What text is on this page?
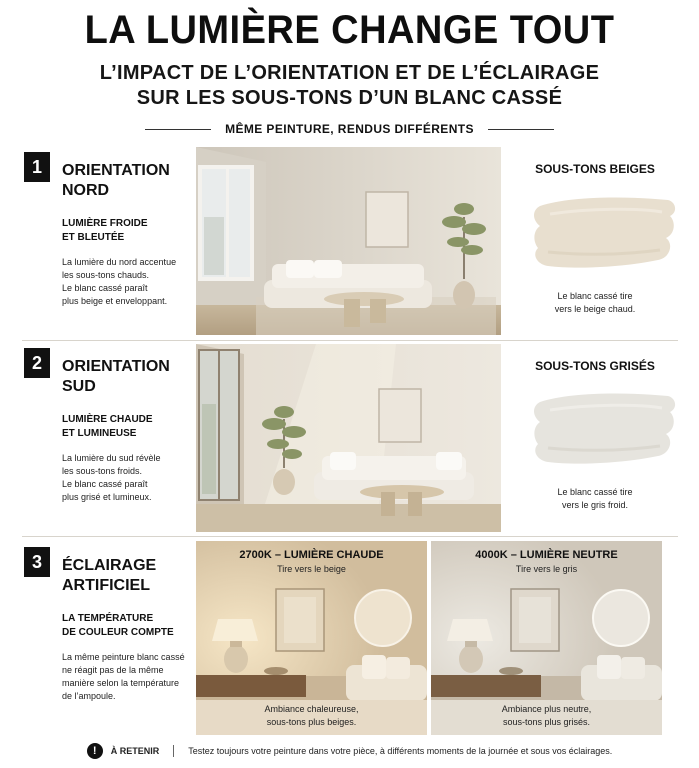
LA LUMIÈRE CHANGE TOUT
L’IMPACT DE L’ORIENTATION ET DE L’ÉCLAIRAGE
SUR LES SOUS-TONS D’UN BLANC CASSÉ
MÊME PEINTURE, RENDUS DIFFÉRENTS
1	ORIENTATION
NORD
LUMIÈRE FROIDE
ET BLEUTÉE
La lumière du nord accentue
les sous-tons chauds.
Le blanc cassé paraît
plus beige et enveloppant.
SOUS-TONS BEIGES
Le blanc cassé tire
vers le beige chaud.
2	ORIENTATION
SUD
LUMIÈRE CHAUDE
ET LUMINEUSE
La lumière du sud révèle
les sous-tons froids.
Le blanc cassé paraît
plus grisé et lumineux.
SOUS-TONS GRISÉS
Le blanc cassé tire
vers le gris froid.
3	ÉCLAIRAGE
ARTIFICIEL
LA TEMPÉRATURE
DE COULEUR COMPTE
La même peinture blanc cassé
ne réagit pas de la même
manière selon la température
de l’ampoule.
2700K – LUMIÈRE CHAUDE
Tire vers le beige
Ambiance chaleureuse,
sous-tons plus beiges.
4000K – LUMIÈRE NEUTRE
Tire vers le gris
Ambiance plus neutre,
sous-tons plus grisés.
!	À RETENIR	Testez toujours votre peinture dans votre pièce, à différents moments de la journée et sous vos éclairages.
